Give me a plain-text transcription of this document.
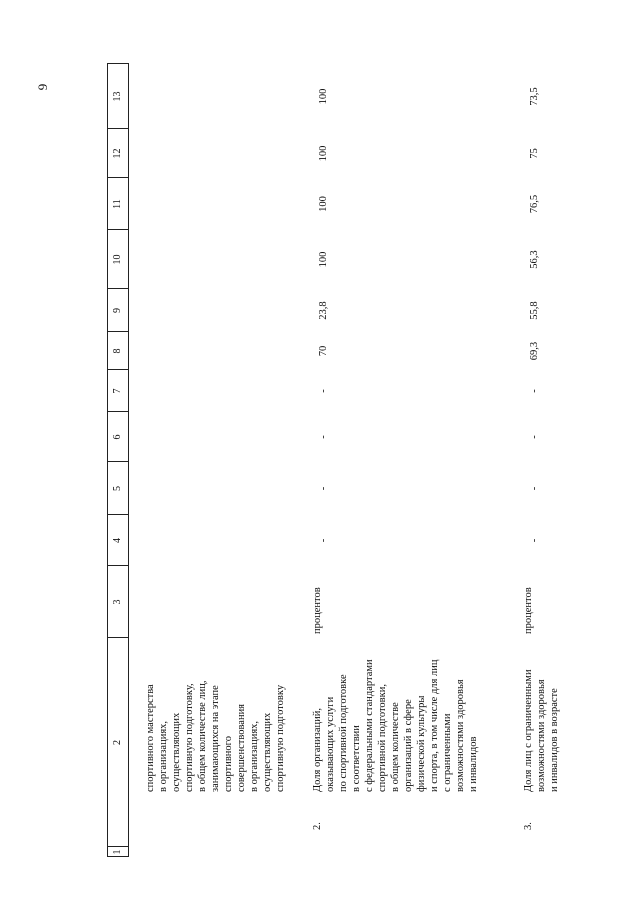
9
1
2
3
4
5
6
7
8
9
10
11
12
13
спортивного мастерства в организациях, осуществляющих спортивную подготовку, в общем количестве лиц, занимающихся на этапе спортивного совершенствования в организациях, осуществляющих спортивную подготовку
2.
Доля организаций, оказывающих услуги по спортивной подготовке в соответствии с федеральными стандартами спортивной подготовки, в общем количестве организаций в сфере физической культуры и спорта, в том числе для лиц с ограниченными возможностями здоровья и инвалидов
процентов
-
-
-
-
70
23,8
100
100
100
100
3.
Доля лиц с ограниченными возможностями здоровья и инвалидов в возрасте
процентов
-
-
-
-
69,3
55,8
56,3
76,5
75
73,5
